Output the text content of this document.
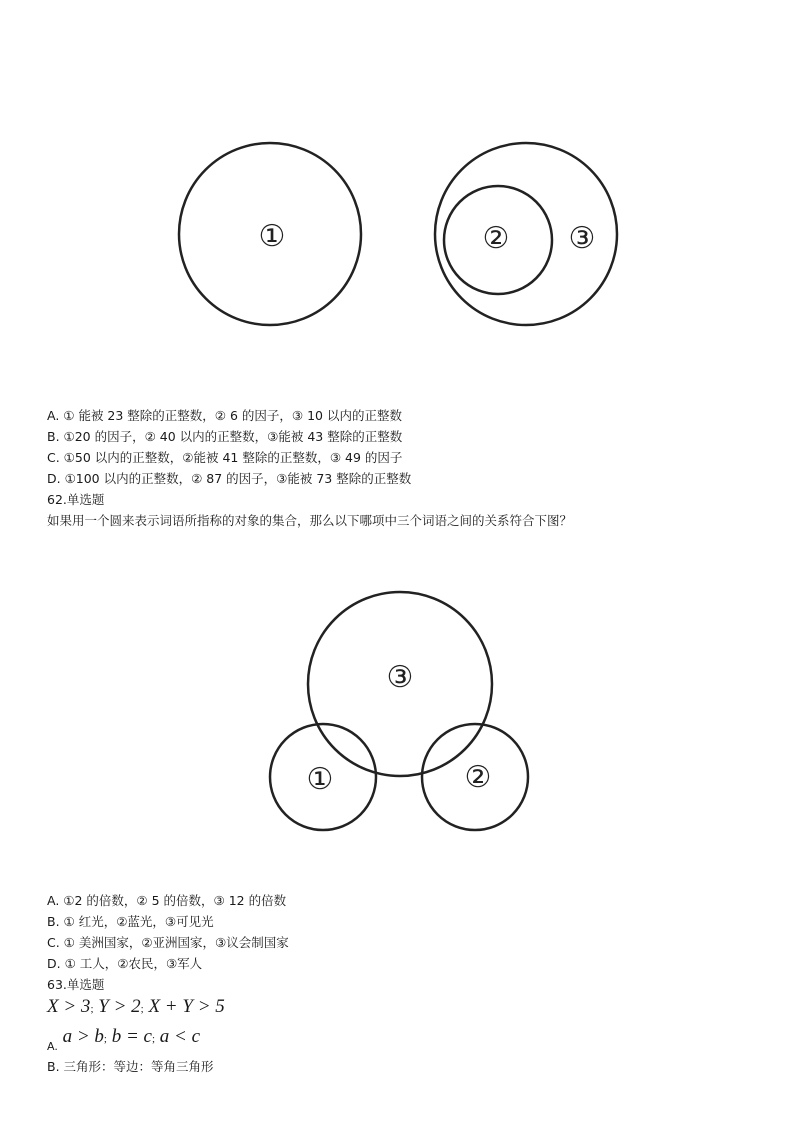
①	② ③
A. ① 能被 23 整除的正整数，② 6 的因子，③ 10 以内的正整数
B. ①20 的因子，② 40 以内的正整数，③能被 43 整除的正整数
C. ①50 以内的正整数，②能被 41 整除的正整数，③ 49 的因子
D. ①100 以内的正整数，② 87 的因子，③能被 73 整除的正整数
62.单选题
如果用一个圆来表示词语所指称的对象的集合，那么以下哪项中三个词语之间的关系符合下图？
③
①	②
A. ①2 的倍数，② 5 的倍数，③ 12 的倍数
B. ① 红光，②蓝光，③可见光
C. ① 美洲国家，②亚洲国家，③议会制国家
D. ① 工人，②农民，③军人
63.单选题
X > 3; Y > 2; X + Y > 5
$_{A.}$ a > b; b = c; a < c
B. 三角形：等边：等角三角形
